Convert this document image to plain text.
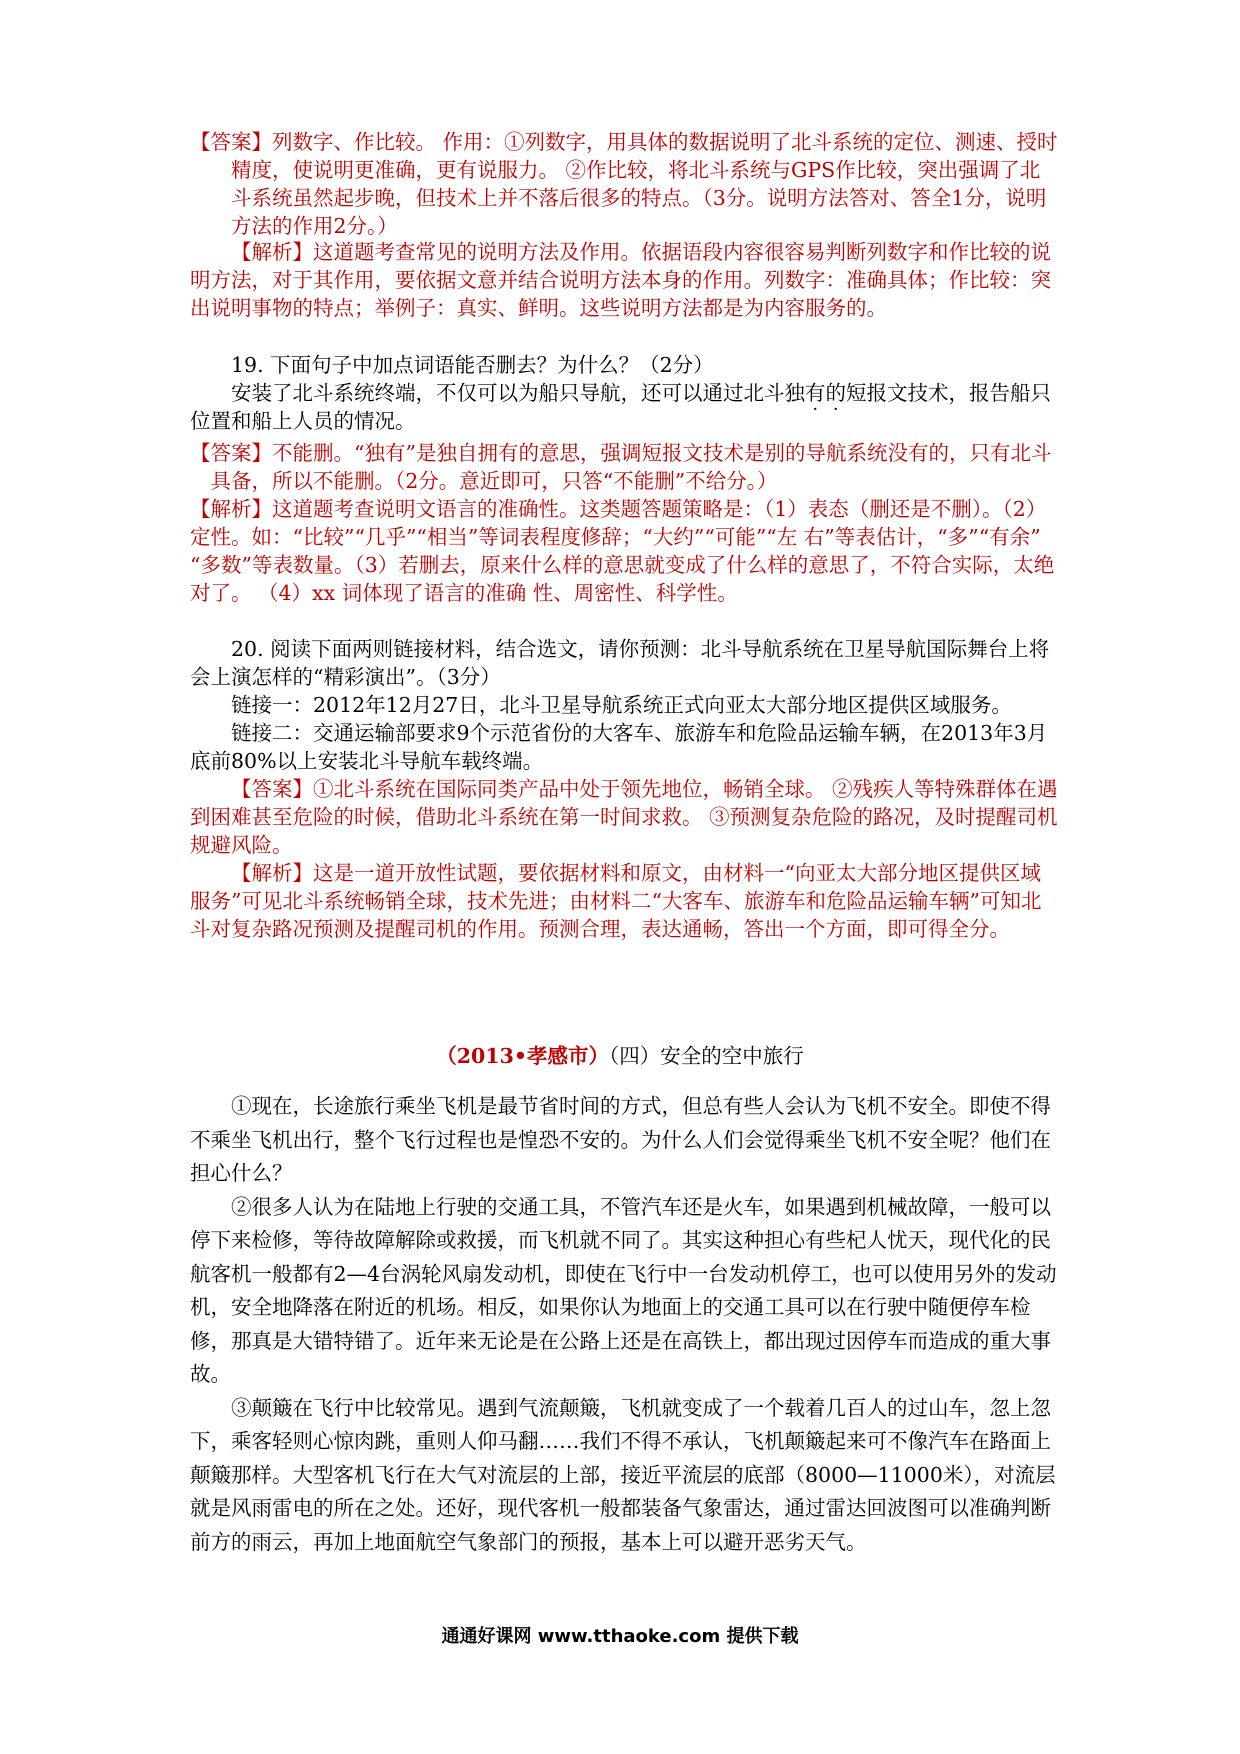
【答案】列数字、作比较。 作用：①列数字，用具体的数据说明了北斗系统的定位、测速、授时精度，使说明更准确，更有说服力。 ②作比较，将北斗系统与GPS作比较，突出强调了北斗系统虽然起步晚，但技术上并不落后很多的特点。（3分。说明方法答对、答全1分，说明方法的作用2分。）

【解析】这道题考查常见的说明方法及作用。依据语段内容很容易判断列数字和作比较的说明方法，对于其作用，要依据文意并结合说明方法本身的作用。列数字：准确具体；作比较：突出说明事物的特点；举例子：真实、鲜明。这些说明方法都是为内容服务的。

19. 下面句子中加点词语能否删去？为什么？（2分）

安装了北斗系统终端，不仅可以为船只导航，还可以通过北斗独有的短报文技术，报告船只位置和船上人员的情况。

【答案】不能删。“独有”是独自拥有的意思，强调短报文技术是别的导航系统没有的，只有北斗具备，所以不能删。（2分。意近即可，只答“不能删”不给分。）

【解析】这道题考查说明文语言的准确性。这类题答题策略是：（1）表态（删还是不删）。（2）定性。如：“比较”“几乎”“相当”等词表程度修辞；“大约”“可能”“左 右”等表估计，“多”“有余” “多数”等表数量。（3）若删去，原来什么样的意思就变成了什么样的意思了，不符合实际，太绝对了。 （4）xx 词体现了语言的准确 性、周密性、科学性。

20. 阅读下面两则链接材料，结合选文，请你预测：北斗导航系统在卫星导航国际舞台上将会上演怎样的“精彩演出”。（3分）

链接一：2012年12月27日，北斗卫星导航系统正式向亚太大部分地区提供区域服务。

链接二：交通运输部要求9个示范省份的大客车、旅游车和危险品运输车辆，在2013年3月底前80%以上安装北斗导航车载终端。

【答案】①北斗系统在国际同类产品中处于领先地位，畅销全球。 ②残疾人等特殊群体在遇到困难甚至危险的时候，借助北斗系统在第一时间求救。 ③预测复杂危险的路况，及时提醒司机规避风险。

【解析】这是一道开放性试题，要依据材料和原文，由材料一“向亚太大部分地区提供区域服务”可见北斗系统畅销全球，技术先进；由材料二“大客车、旅游车和危险品运输车辆”可知北斗对复杂路况预测及提醒司机的作用。预测合理，表达通畅，答出一个方面，即可得全分。

（2013•孝感市）（四）安全的空中旅行

①现在，长途旅行乘坐飞机是最节省时间的方式，但总有些人会认为飞机不安全。即使不得不乘坐飞机出行，整个飞行过程也是惶恐不安的。为什么人们会觉得乘坐飞机不安全呢？他们在担心什么？

②很多人认为在陆地上行驶的交通工具，不管汽车还是火车，如果遇到机械故障，一般可以停下来检修，等待故障解除或救援，而飞机就不同了。其实这种担心有些杞人忧天，现代化的民航客机一般都有2—4台涡轮风扇发动机，即使在飞行中一台发动机停工，也可以使用另外的发动机，安全地降落在附近的机场。相反，如果你认为地面上的交通工具可以在行驶中随便停车检修，那真是大错特错了。近年来无论是在公路上还是在高铁上，都出现过因停车而造成的重大事故。

③颠簸在飞行中比较常见。遇到气流颠簸，飞机就变成了一个载着几百人的过山车，忽上忽下，乘客轻则心惊肉跳，重则人仰马翻……我们不得不承认，飞机颠簸起来可不像汽车在路面上颠簸那样。大型客机飞行在大气对流层的上部，接近平流层的底部（8000—11000米），对流层就是风雨雷电的所在之处。还好，现代客机一般都装备气象雷达，通过雷达回波图可以准确判断前方的雨云，再加上地面航空气象部门的预报，基本上可以避开恶劣天气。

通通好课网 www.tthaoke.com 提供下载
